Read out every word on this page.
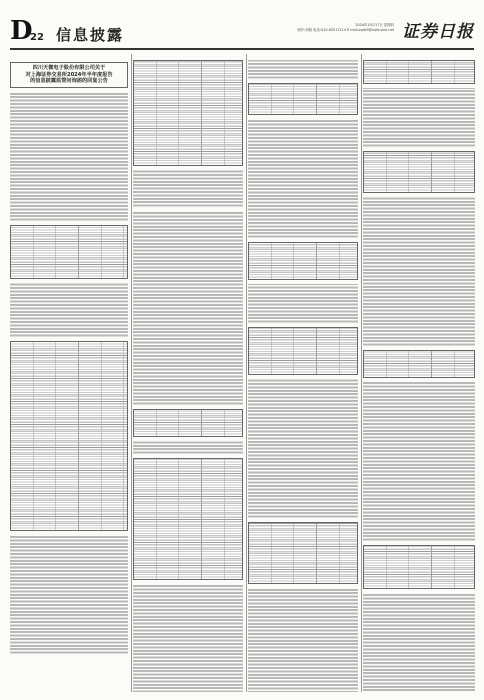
D
22 信息披露
2024年10月17日 星期四
制作:刘晓 电话:010-63071114 E-mail:zqrb9@zqrb.sina.net 证券日报
四川天微电子股份有限公司关于
对上海证券交易所2024年半年度报告
的信息披露监管问询函的回复公告
